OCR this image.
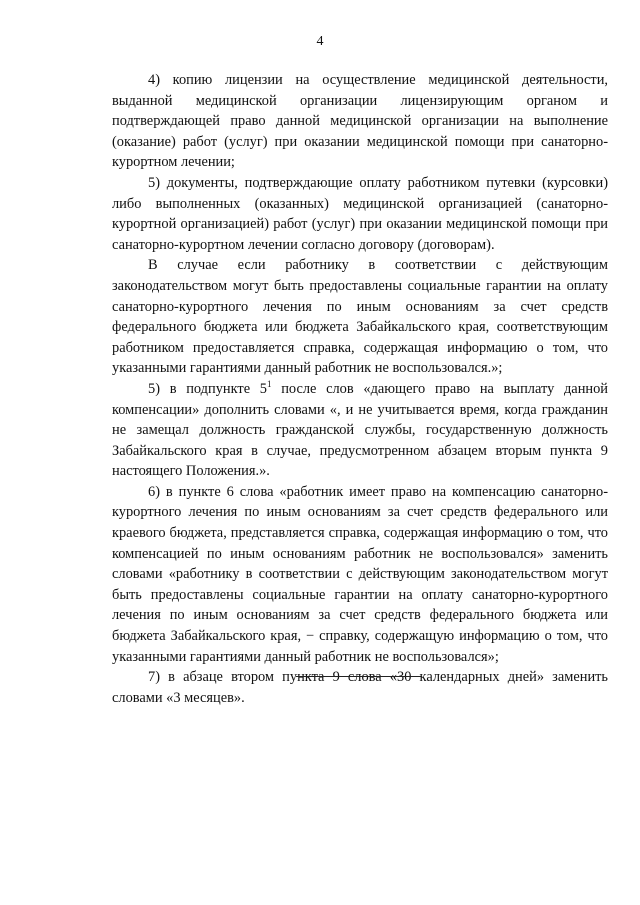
4

4) копию лицензии на осуществление медицинской деятельности, выданной медицинской организации лицензирующим органом и подтверждающей право данной медицинской организации на выполнение (оказание) работ (услуг) при оказании медицинской помощи при санаторно-курортном лечении;

5) документы, подтверждающие оплату работником путевки (курсовки) либо выполненных (оказанных) медицинской организацией (санаторно-курортной организацией) работ (услуг) при оказании медицинской помощи при санаторно-курортном лечении согласно договору (договорам).

В случае если работнику в соответствии с действующим законодательством могут быть предоставлены социальные гарантии на оплату санаторно-курортного лечения по иным основаниям за счет средств федерального бюджета или бюджета Забайкальского края, соответствующим работником предоставляется справка, содержащая информацию о том, что указанными гарантиями данный работник не воспользовался.»;

5) в подпункте $5^1$ после слов «дающего право на выплату данной компенсации» дополнить словами «, и не учитывается время, когда гражданин не замещал должность гражданской службы, государственную должность Забайкальского края в случае, предусмотренном абзацем вторым пункта 9 настоящего Положения.».

6) в пункте 6 слова «работник имеет право на компенсацию санаторно-курортного лечения по иным основаниям за счет средств федерального или краевого бюджета, представляется справка, содержащая информацию о том, что компенсацией по иным основаниям работник не воспользовался» заменить словами «работнику в соответствии с действующим законодательством могут быть предоставлены социальные гарантии на оплату санаторно-курортного лечения по иным основаниям за счет средств федерального бюджета или бюджета Забайкальского края, − справку, содержащую информацию о том, что указанными гарантиями данный работник не воспользовался»;

7) в абзаце втором пункта 9 слова «30 календарных дней» заменить словами «3 месяцев».
